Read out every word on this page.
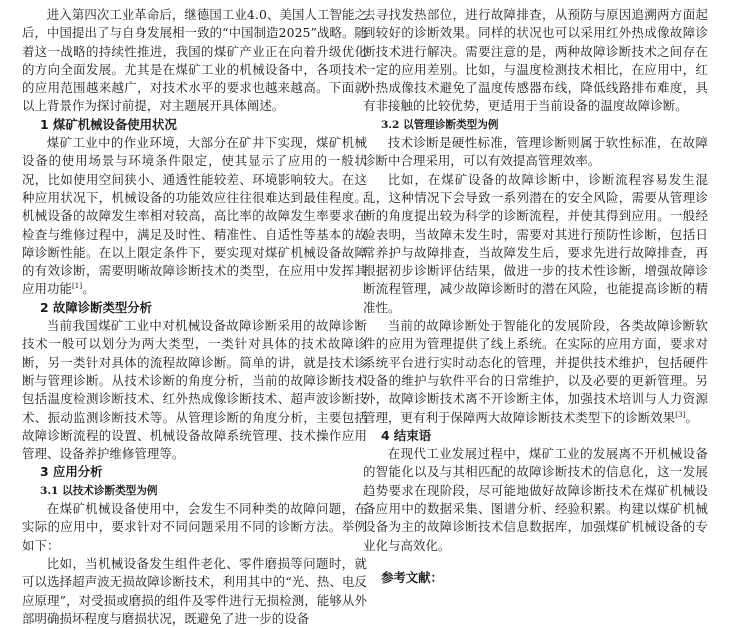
进入第四次工业革命后，继德国工业4.0、美国人工智能之后，中国提出了与自身发展相一致的“中国制造2025”战略。随着这一战略的持续性推进，我国的煤矿产业正在向着升级优化的方向全面发展。尤其是在煤矿工业的机械设备中，各项技术的应用范围越来越广，对技术水平的要求也越来越高。下面就以上背景作为探讨前提，对主题展开具体阐述。

1 煤矿机械设备使用状况

煤矿工业中的作业环境，大部分在矿井下实现，煤矿机械设备的使用场景与环境条件限定，使其显示了应用的一般状况，比如使用空间狭小、通透性能较差、环境影响较大。在这种应用状况下，机械设备的功能效应往往很难达到最佳程度。机械设备的故障发生率相对较高，高比率的故障发生率要求在检查与维修过程中，满足及时性、精准性、自适性等基本的故障诊断性能。在以上限定条件下，要实现对煤矿机械设备故障的有效诊断，需要明晰故障诊断技术的类型，在应用中发挥其应用功能[1]。

2 故障诊断类型分析

当前我国煤矿工业中对机械设备故障诊断采用的故障诊断技术一般可以划分为两大类型，一类针对具体的技术故障诊断，另一类针对具体的流程故障诊断。简单的讲，就是技术诊断与管理诊断。从技术诊断的角度分析，当前的故障诊断技术包括温度检测诊断技术、红外热成像诊断技术、超声波诊断技术、振动监测诊断技术等。从管理诊断的角度分析，主要包括故障诊断流程的设置、机械设备故障系统管理、技术操作应用管理、设备养护维修管理等。

3 应用分析
3.1 以技术诊断类型为例

在煤矿机械设备使用中，会发生不同种类的故障问题，在实际的应用中，要求针对不同问题采用不同的诊断方法。举例如下：

比如，当机械设备发生组件老化、零件磨损等问题时，就可以选择超声波无损故障诊断技术，利用其中的“光、热、电反应原理”，对受损或磨损的组件及零件进行无损检测，能够从外部明确损坏程度与磨损状况，既避免了进一步的设备

去寻找发热部位，进行故障排查，从预防与原因追溯两方面起到较好的诊断效果。同样的状况也可以采用红外热成像故障诊断技术进行解决。需要注意的是，两种故障诊断技术之间存在一定的应用差别。比如，与温度检测技术相比，在应用中，红外热成像技术避免了温度传感器布线，降低线路排布难度，具有非接触的比较优势，更适用于当前设备的温度故障诊断。

3.2 以管理诊断类型为例

技术诊断是硬性标准，管理诊断则属于软性标准，在故障诊断中合理采用，可以有效提高管理效率。

比如，在煤矿设备的故障诊断中，诊断流程容易发生混乱，这种情况下会导致一系列潜在的安全风险，需要从管理诊断的角度提出较为科学的诊断流程，并使其得到应用。一般经验表明，当故障未发生时，需要对其进行预防性诊断，包括日常养护与故障排查，当故障发生后，要求先进行故障排查，再根据初步诊断评估结果，做进一步的技术性诊断，增强故障诊断流程管理，减少故障诊断时的潜在风险，也能提高诊断的精准性。

当前的故障诊断处于智能化的发展阶段，各类故障诊断软件的应用为管理提供了线上系统。在实际的应用方面，要求对系统平台进行实时动态化的管理，并提供技术维护，包括硬件设备的维护与软件平台的日常维护，以及必要的更新管理。另外，故障诊断技术离不开诊断主体，加强技术培训与人力资源管理，更有利于保障两大故障诊断技术类型下的诊断效果[3]。

4 结束语

在现代工业发展过程中，煤矿工业的发展离不开机械设备的智能化以及与其相匹配的故障诊断技术的信息化，这一发展趋势要求在现阶段，尽可能地做好故障诊断技术在煤矿机械设备应用中的数据采集、图谱分析、经验积累。构建以煤矿机械设备为主的故障诊断技术信息数据库，加强煤矿机械设备的专业化与高效化。

参考文献：
